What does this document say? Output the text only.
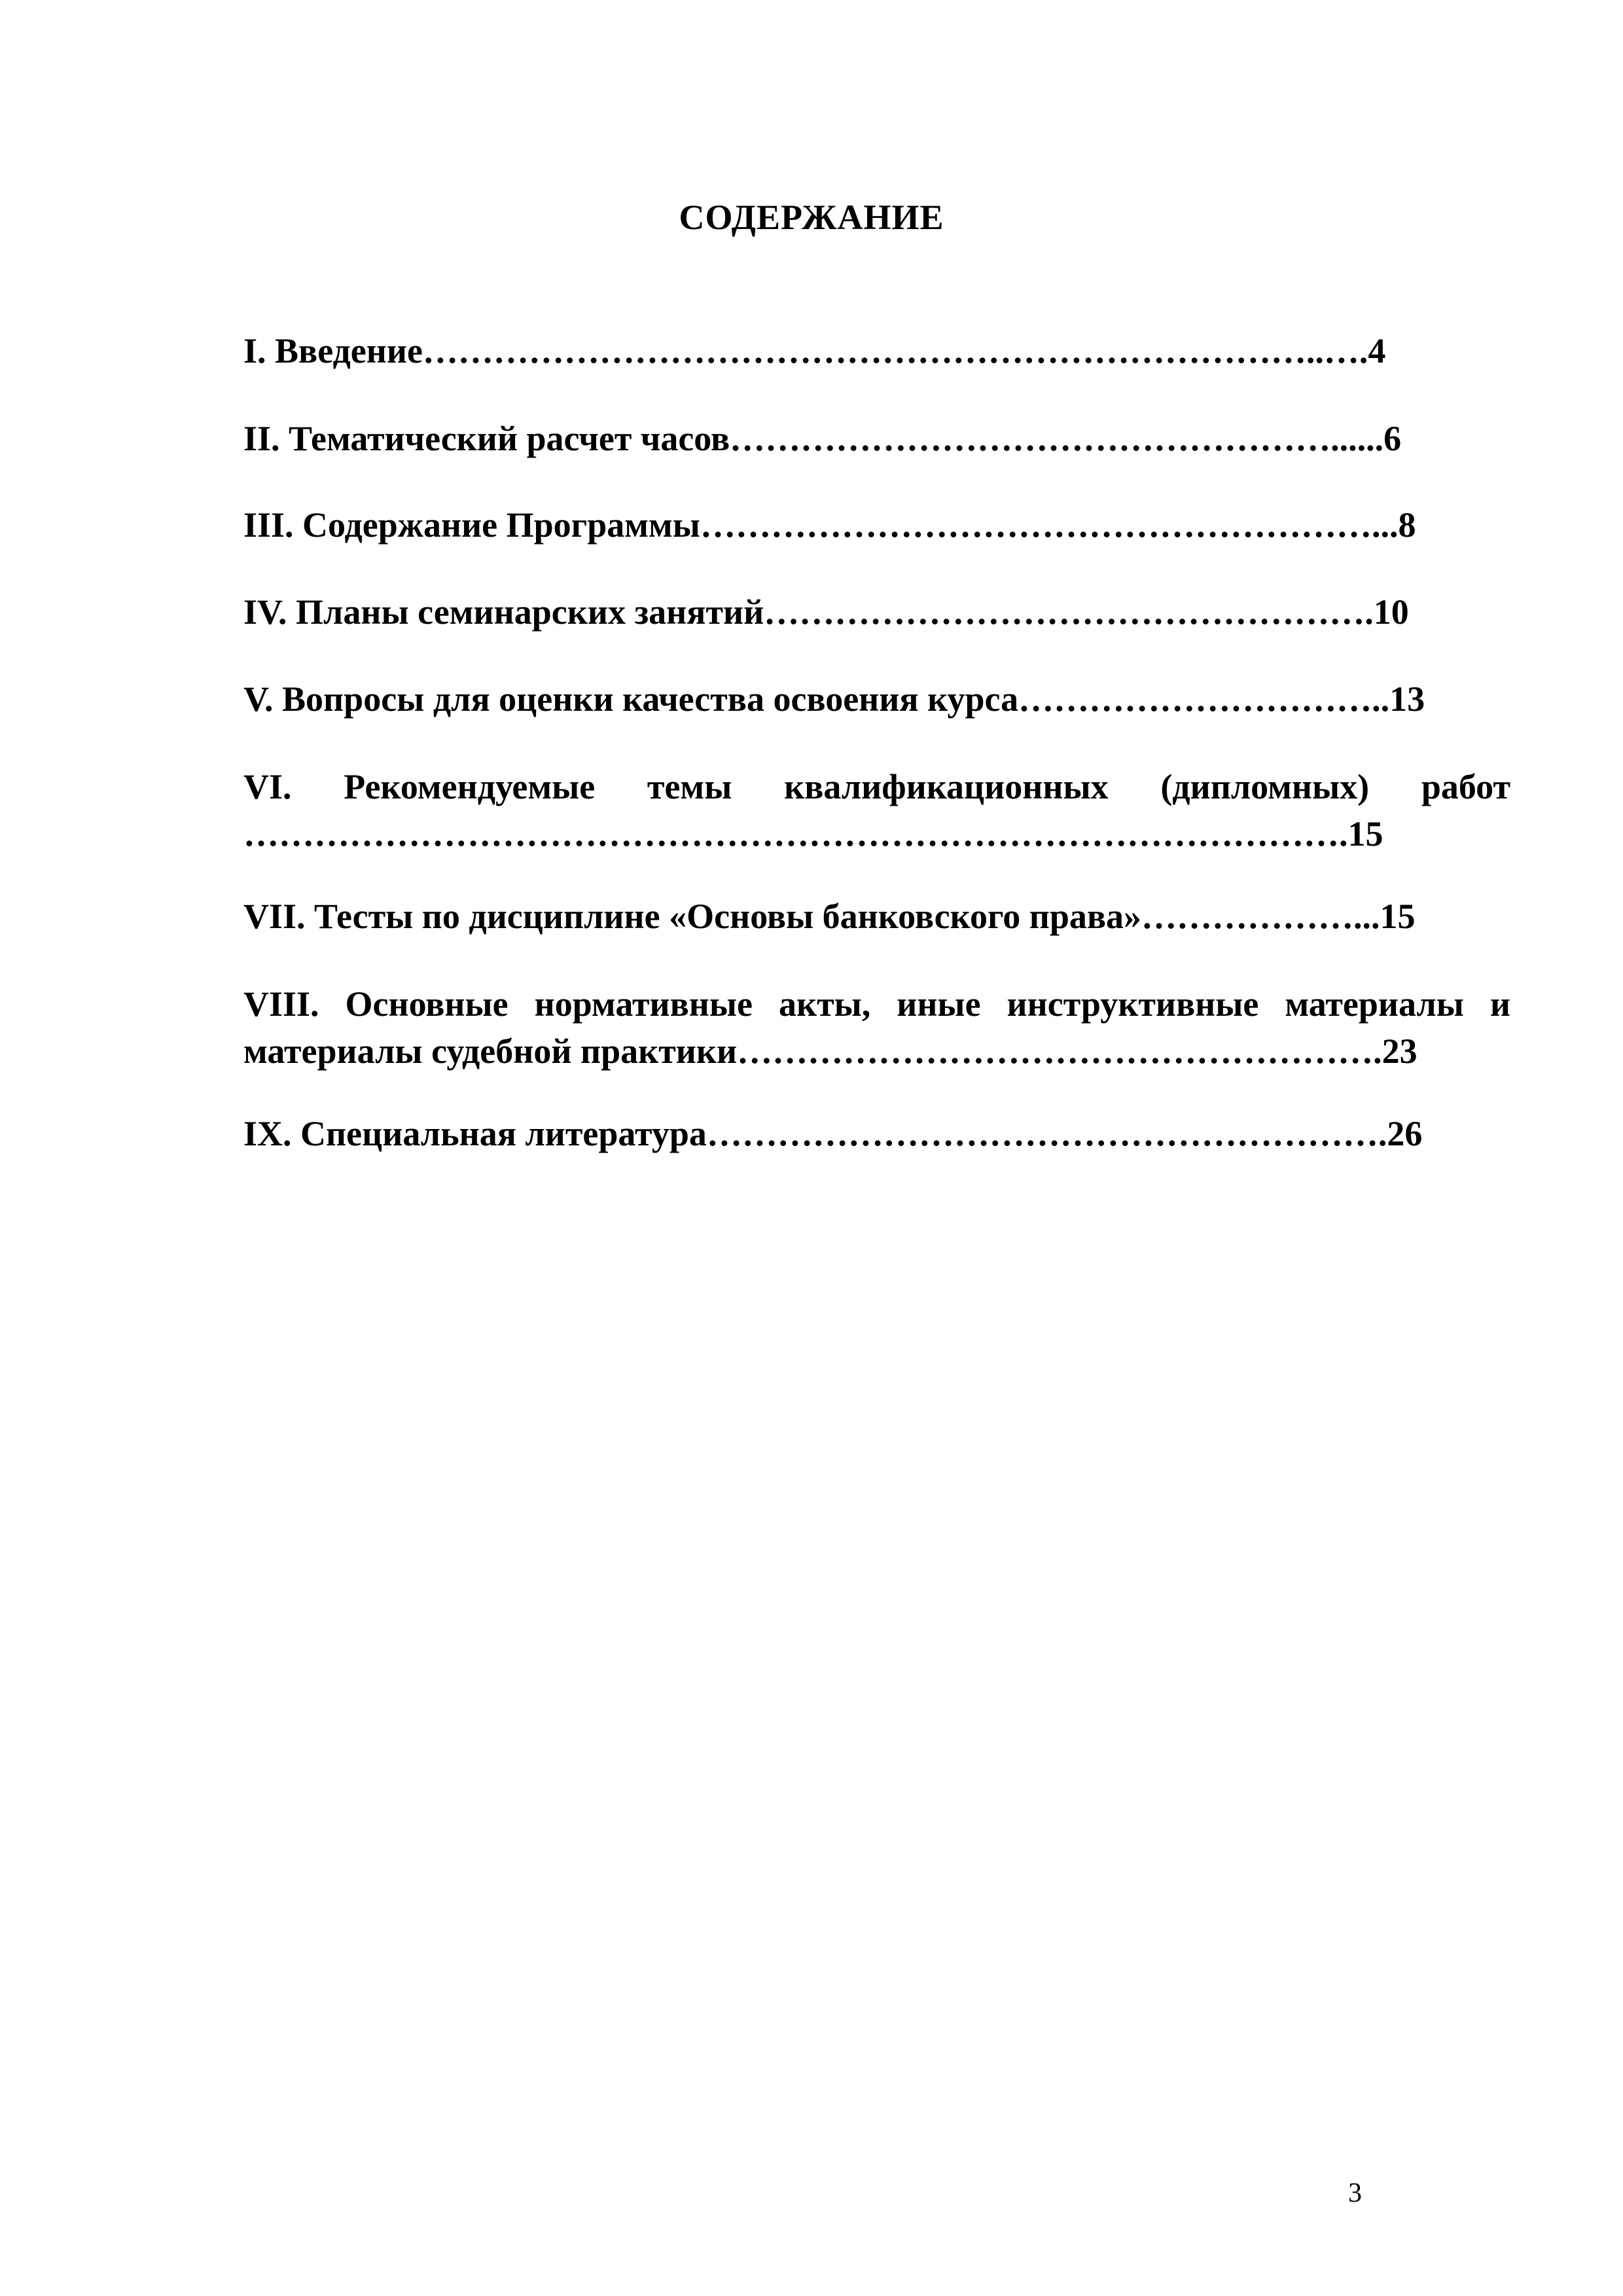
СОДЕРЖАНИЕ
I. Введение…………………………………………………………………..….4
II. Тематический расчет часов……………………………………………......6
III. Содержание Программы…………………………………………………...8
IV. Планы семинарских занятий…………………………………………….10
V. Вопросы для оценки качества освоения курса…………………………..13
VI. Рекомендуемые темы квалификационных (дипломных) работ ………………………………………………………………………………….15
VII. Тесты по дисциплине «Основы банковского права»………………...15
VIII. Основные нормативные акты, иные инструктивные материалы и материалы судебной практики……………………………………………….23
IX. Специальная литература………………………………………………….26
3
